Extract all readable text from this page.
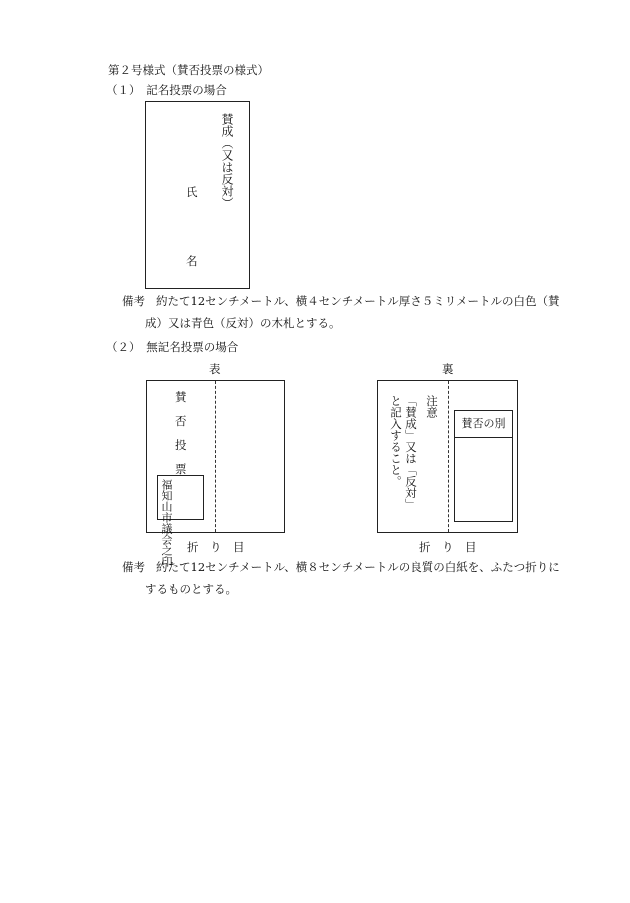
第２号様式（賛否投票の様式）
（１）　記名投票の場合
賛成（又は反対）
氏
名
備考 約たて12センチメートル、横４センチメートル厚さ５ミリメートルの白色（賛
成）又は青色（反対）の木札とする。
（２）　無記名投票の場合
表
賛
否
投
票
福知山市議会之印 折　り　目
裏
注意
「賛成」又は「反対」
と記入すること。	賛否の別
折　り　目
備考 約たて12センチメートル、横８センチメートルの良質の白紙を、ふたつ折りに
するものとする。
